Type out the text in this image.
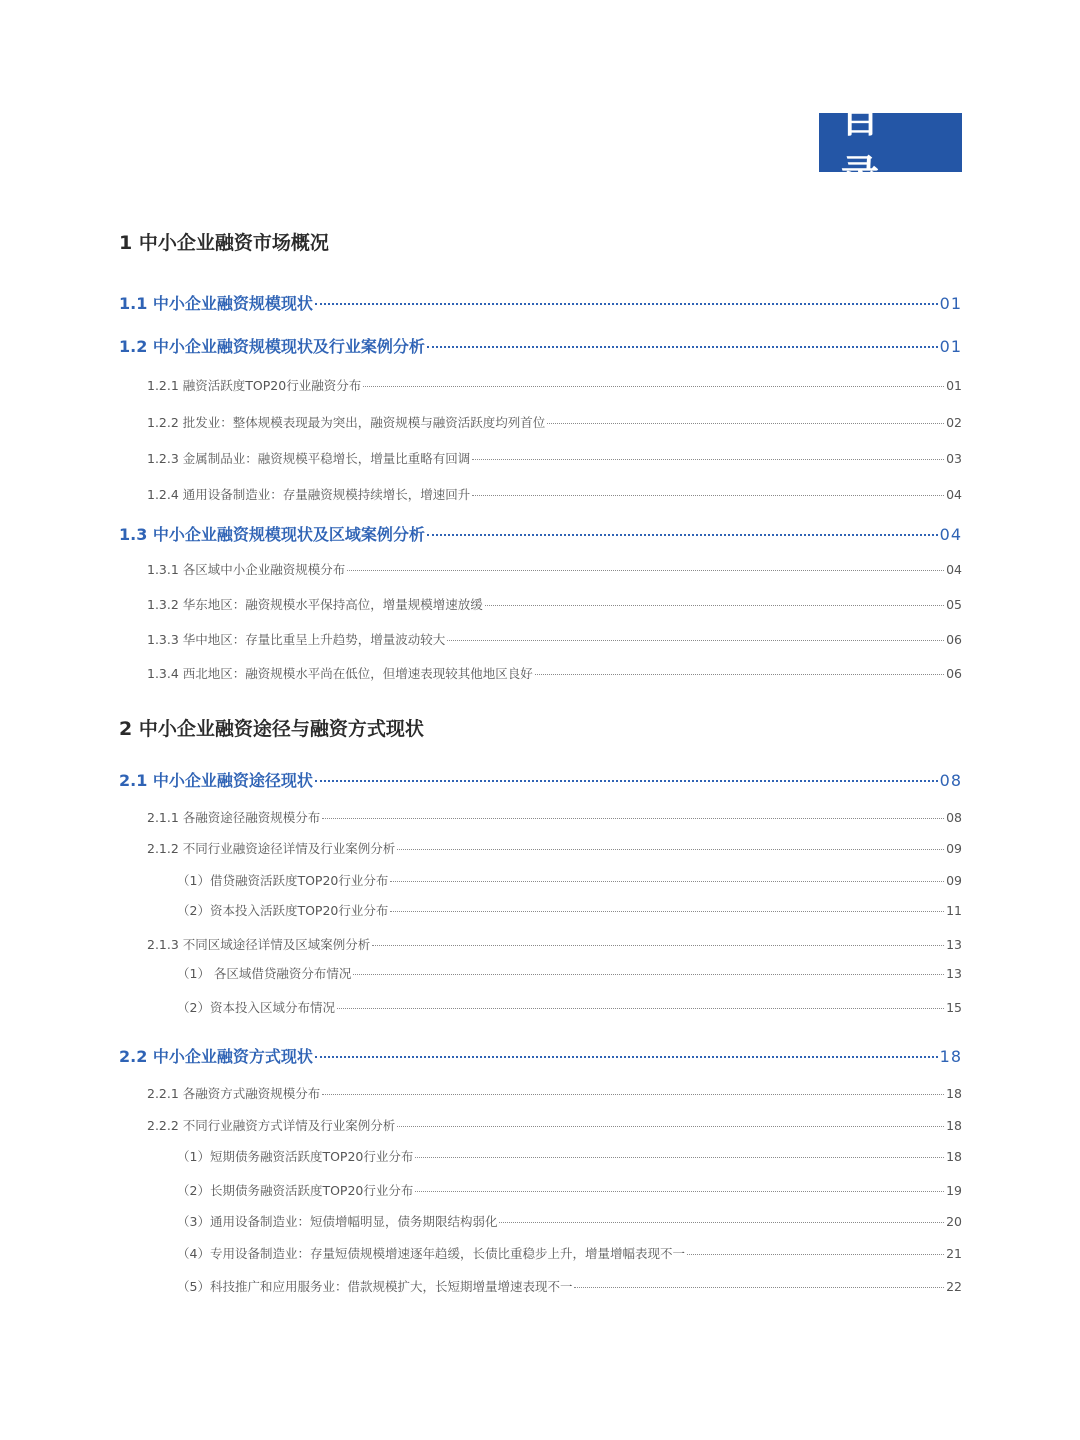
目 录
1 中小企业融资市场概况
1.1 中小企业融资规模现状	01
1.2 中小企业融资规模现状及行业案例分析	01
1.2.1 融资活跃度TOP20行业融资分布	01
1.2.2 批发业：整体规模表现最为突出，融资规模与融资活跃度均列首位	02
1.2.3 金属制品业：融资规模平稳增长，增量比重略有回调	03
1.2.4 通用设备制造业：存量融资规模持续增长，增速回升	04
1.3 中小企业融资规模现状及区域案例分析	04
1.3.1 各区域中小企业融资规模分布	04
1.3.2 华东地区：融资规模水平保持高位，增量规模增速放缓	05
1.3.3 华中地区：存量比重呈上升趋势，增量波动较大	06
1.3.4 西北地区：融资规模水平尚在低位，但增速表现较其他地区良好	06
2 中小企业融资途径与融资方式现状
2.1 中小企业融资途径现状	08
2.1.1 各融资途径融资规模分布	08
2.1.2 不同行业融资途径详情及行业案例分析	09
（1）借贷融资活跃度TOP20行业分布	09
（2）资本投入活跃度TOP20行业分布	11
2.1.3 不同区域途径详情及区域案例分析	13
（1） 各区域借贷融资分布情况	13
（2）资本投入区域分布情况	15
2.2 中小企业融资方式现状	18
2.2.1 各融资方式融资规模分布	18
2.2.2 不同行业融资方式详情及行业案例分析	18
（1）短期债务融资活跃度TOP20行业分布	18
（2）长期债务融资活跃度TOP20行业分布	19
（3）通用设备制造业：短债增幅明显，债务期限结构弱化	20
（4）专用设备制造业：存量短债规模增速逐年趋缓，长债比重稳步上升，增量增幅表现不一	21
（5）科技推广和应用服务业：借款规模扩大，长短期增量增速表现不一	22
